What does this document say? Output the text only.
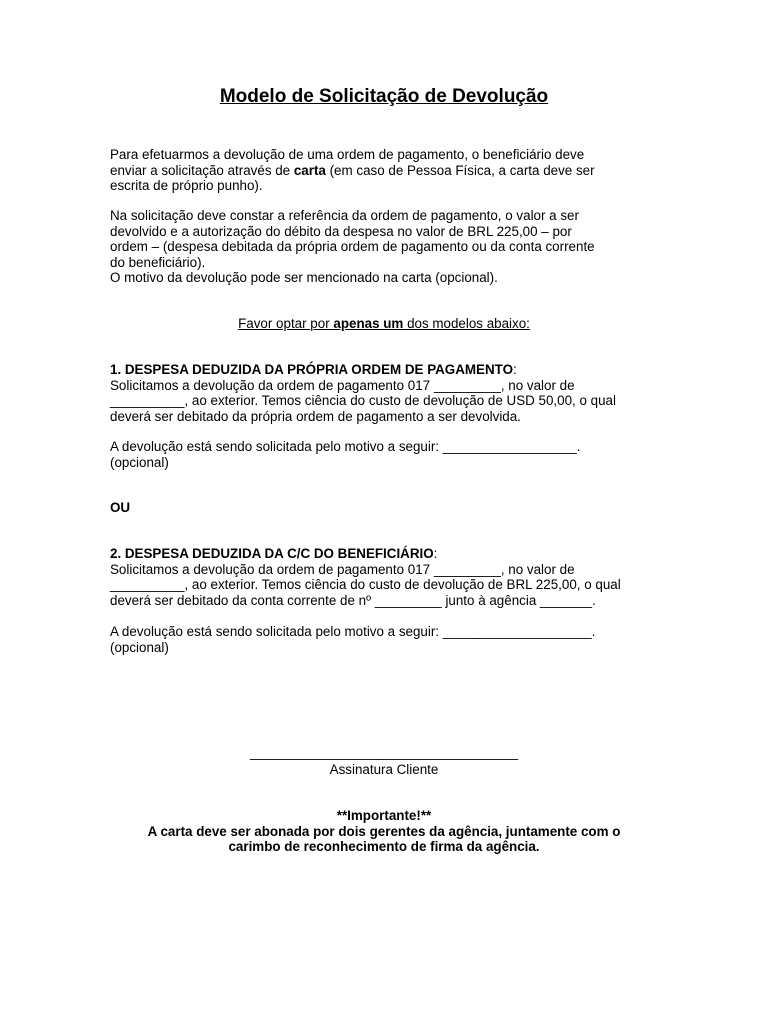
Modelo de Solicitação de Devolução
Para efetuarmos a devolução de uma ordem de pagamento, o beneficiário deve
enviar a solicitação através de carta (em caso de Pessoa Física, a carta deve ser
escrita de próprio punho).
Na solicitação deve constar a referência da ordem de pagamento, o valor a ser
devolvido e a autorização do débito da despesa no valor de BRL 225,00 – por
ordem – (despesa debitada da própria ordem de pagamento ou da conta corrente
do beneficiário).
O motivo da devolução pode ser mencionado na carta (opcional).
Favor optar por apenas um dos modelos abaixo:
1. DESPESA DEDUZIDA DA PRÓPRIA ORDEM DE PAGAMENTO:
Solicitamos a devolução da ordem de pagamento 017 _________, no valor de
__________, ao exterior. Temos ciência do custo de devolução de USD 50,00, o qual
deverá ser debitado da própria ordem de pagamento a ser devolvida.
A devolução está sendo solicitada pelo motivo a seguir: __________________.
(opcional)
OU
2. DESPESA DEDUZIDA DA C/C DO BENEFICIÁRIO:
Solicitamos a devolução da ordem de pagamento 017 _________, no valor de
__________, ao exterior. Temos ciência do custo de devolução de BRL 225,00, o qual
deverá ser debitado da conta corrente de nº _________ junto à agência _______.
A devolução está sendo solicitada pelo motivo a seguir: ____________________.
(opcional)
____________________________________
Assinatura Cliente
**Importante!**
A carta deve ser abonada por dois gerentes da agência, juntamente com o
carimbo de reconhecimento de firma da agência.
